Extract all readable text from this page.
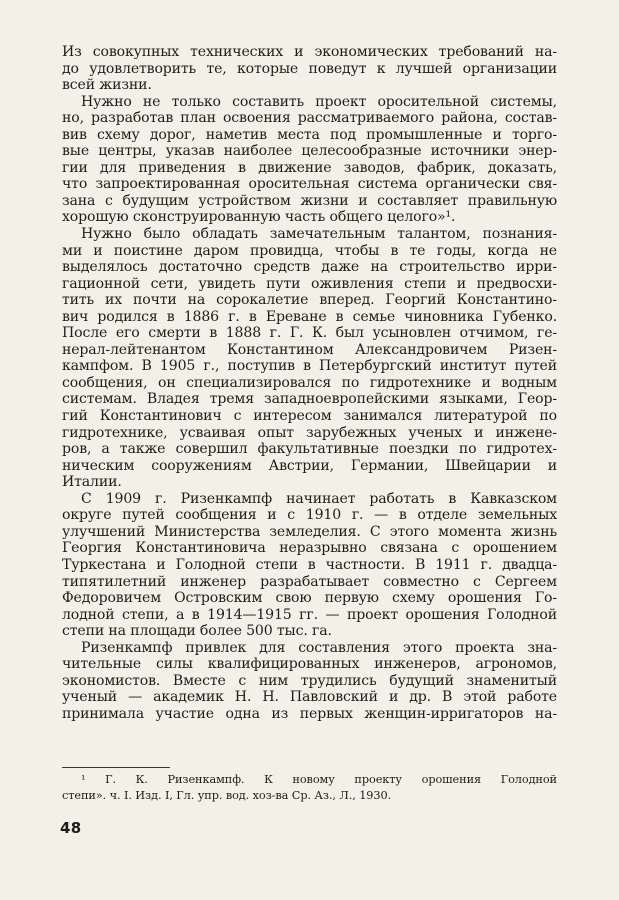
Из совокупных технических и экономических требований на-
до удовлетворить те, которые поведут к лучшей организации
всей жизни.
Нужно не только составить проект оросительной системы,
но, разработав план освоения рассматриваемого района, состав-
вив схему дорог, наметив места под промышленные и торго-
вые центры, указав наиболее целесообразные источники энер-
гии для приведения в движение заводов, фабрик, доказать,
что запроектированная оросительная система органически свя-
зана с будущим устройством жизни и составляет правильную
хорошую сконструированную часть общего целого»¹.
Нужно было обладать замечательным талантом, познания-
ми и поистине даром провидца, чтобы в те годы, когда не
выделялось достаточно средств даже на строительство ирри-
гационной сети, увидеть пути оживления степи и предвосхи-
тить их почти на сорокалетие вперед. Георгий Константино-
вич родился в 1886 г. в Ереване в семье чиновника Губенко.
После его смерти в 1888 г. Г. К. был усыновлен отчимом, ге-
нерал-лейтенантом Константином Александровичем Ризен-
кампфом. В 1905 г., поступив в Петербургский институт путей
сообщения, он специализировался по гидротехнике и водным
системам. Владея тремя западноевропейскими языками, Геор-
гий Константинович с интересом занимался литературой по
гидротехнике, усваивая опыт зарубежных ученых и инжене-
ров, а также совершил факультативные поездки по гидротех-
ническим сооружениям Австрии, Германии, Швейцарии и
Италии.
С 1909 г. Ризенкампф начинает работать в Кавказском
округе путей сообщения и с 1910 г. — в отделе земельных
улучшений Министерства земледелия. С этого момента жизнь
Георгия Константиновича неразрывно связана с орошением
Туркестана и Голодной степи в частности. В 1911 г. двадца-
типятилетний инженер разрабатывает совместно с Сергеем
Федоровичем Островским свою первую схему орошения Го-
лодной степи, а в 1914—1915 гг. — проект орошения Голодной
степи на площади более 500 тыс. га.
Ризенкампф привлек для составления этого проекта зна-
чительные силы квалифицированных инженеров, агрономов,
экономистов. Вместе с ним трудились будущий знаменитый
ученый — академик Н. Н. Павловский и др. В этой работе
принимала участие одна из первых женщин-ирригаторов на-
¹ Г. К. Ризенкампф. К новому проекту орошения Голодной
степи». ч. I. Изд. I, Гл. упр. вод. хоз-ва Ср. Аз., Л., 1930.
48
